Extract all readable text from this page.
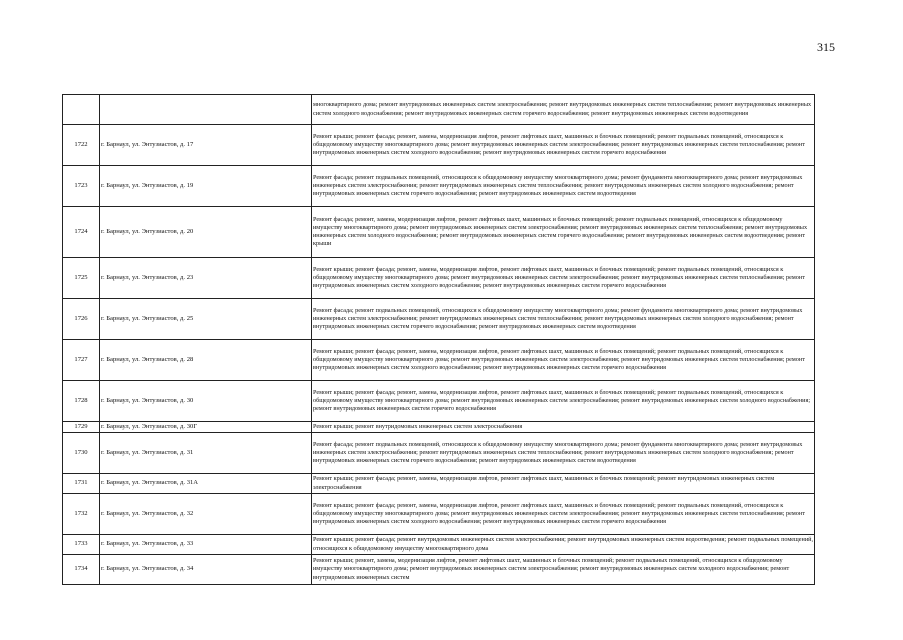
315
		многоквартирного дома; ремонт внутридомовых инженерных систем электроснабжения; ремонт внутридомовых инженерных систем теплоснабжения; ремонт внутридомовых инженерных систем холодного водоснабжения; ремонт внутридомовых инженерных систем горячего водоснабжения; ремонт внутридомовых инженерных систем водоотведения
1722	г. Барнаул, ул. Энтузиастов, д. 17	Ремонт крыши; ремонт фасада; ремонт, замена, модернизация лифтов, ремонт лифтовых шахт, машинных и блочных помещений; ремонт подвальных помещений, относящихся к общедомовому имуществу многоквартирного дома; ремонт внутридомовых инженерных систем электроснабжения; ремонт внутридомовых инженерных систем теплоснабжения; ремонт внутридомовых инженерных систем холодного водоснабжения; ремонт внутридомовых инженерных систем горячего водоснабжения
1723	г. Барнаул, ул. Энтузиастов, д. 19	Ремонт фасада; ремонт подвальных помещений, относящихся к общедомовому имуществу многоквартирного дома; ремонт фундамента многоквартирного дома; ремонт внутридомовых инженерных систем электроснабжения; ремонт внутридомовых инженерных систем теплоснабжения; ремонт внутридомовых инженерных систем холодного водоснабжения; ремонт внутридомовых инженерных систем горячего водоснабжения; ремонт внутридомовых инженерных систем водоотведения
1724	г. Барнаул, ул. Энтузиастов, д. 20	Ремонт фасада; ремонт, замена, модернизация лифтов, ремонт лифтовых шахт, машинных и блочных помещений; ремонт подвальных помещений, относящихся к общедомовому имуществу многоквартирного дома; ремонт внутридомовых инженерных систем электроснабжения; ремонт внутридомовых инженерных систем теплоснабжения; ремонт внутридомовых инженерных систем холодного водоснабжения; ремонт внутридомовых инженерных систем горячего водоснабжения; ремонт внутридомовых инженерных систем водоотведения; ремонт крыши
1725	г. Барнаул, ул. Энтузиастов, д. 23	Ремонт крыши; ремонт фасада; ремонт, замена, модернизация лифтов, ремонт лифтовых шахт, машинных и блочных помещений; ремонт подвальных помещений, относящихся к общедомовому имуществу многоквартирного дома; ремонт внутридомовых инженерных систем электроснабжения; ремонт внутридомовых инженерных систем теплоснабжения; ремонт внутридомовых инженерных систем холодного водоснабжения; ремонт внутридомовых инженерных систем горячего водоснабжения
1726	г. Барнаул, ул. Энтузиастов, д. 25	Ремонт фасада; ремонт подвальных помещений, относящихся к общедомовому имуществу многоквартирного дома; ремонт фундамента многоквартирного дома; ремонт внутридомовых инженерных систем электроснабжения; ремонт внутридомовых инженерных систем теплоснабжения; ремонт внутридомовых инженерных систем холодного водоснабжения; ремонт внутридомовых инженерных систем горячего водоснабжения; ремонт внутридомовых инженерных систем водоотведения
1727	г. Барнаул, ул. Энтузиастов, д. 28	Ремонт крыши; ремонт фасада; ремонт, замена, модернизация лифтов, ремонт лифтовых шахт, машинных и блочных помещений; ремонт подвальных помещений, относящихся к общедомовому имуществу многоквартирного дома; ремонт внутридомовых инженерных систем электроснабжения; ремонт внутридомовых инженерных систем теплоснабжения; ремонт внутридомовых инженерных систем холодного водоснабжения; ремонт внутридомовых инженерных систем горячего водоснабжения
1728	г. Барнаул, ул. Энтузиастов, д. 30	Ремонт крыши; ремонт фасада; ремонт, замена, модернизация лифтов, ремонт лифтовых шахт, машинных и блочных помещений; ремонт подвальных помещений, относящихся к общедомовому имуществу многоквартирного дома; ремонт внутридомовых инженерных систем электроснабжения; ремонт внутридомовых инженерных систем холодного водоснабжения; ремонт внутридомовых инженерных систем горячего водоснабжения
1729	г. Барнаул, ул. Энтузиастов, д. 30Г	Ремонт крыши; ремонт внутридомовых инженерных систем электроснабжения
1730	г. Барнаул, ул. Энтузиастов, д. 31	Ремонт фасада; ремонт подвальных помещений, относящихся к общедомовому имуществу многоквартирного дома; ремонт фундамента многоквартирного дома; ремонт внутридомовых инженерных систем электроснабжения; ремонт внутридомовых инженерных систем теплоснабжения; ремонт внутридомовых инженерных систем холодного водоснабжения; ремонт внутридомовых инженерных систем горячего водоснабжения; ремонт внутридомовых инженерных систем водоотведения
1731	г. Барнаул, ул. Энтузиастов, д. 31А	Ремонт крыши; ремонт фасада; ремонт, замена, модернизация лифтов, ремонт лифтовых шахт, машинных и блочных помещений; ремонт внутридомовых инженерных систем электроснабжения
1732	г. Барнаул, ул. Энтузиастов, д. 32	Ремонт крыши; ремонт фасада; ремонт, замена, модернизация лифтов, ремонт лифтовых шахт, машинных и блочных помещений; ремонт подвальных помещений, относящихся к общедомовому имуществу многоквартирного дома; ремонт внутридомовых инженерных систем электроснабжения; ремонт внутридомовых инженерных систем теплоснабжения; ремонт внутридомовых инженерных систем холодного водоснабжения; ремонт внутридомовых инженерных систем горячего водоснабжения
1733	г. Барнаул, ул. Энтузиастов, д. 33	Ремонт крыши; ремонт фасада; ремонт внутридомовых инженерных систем электроснабжения; ремонт внутридомовых инженерных систем водоотведения; ремонт подвальных помещений, относящихся к общедомовому имуществу многоквартирного дома
1734	г. Барнаул, ул. Энтузиастов, д. 34	Ремонт крыши; ремонт, замена, модернизация лифтов, ремонт лифтовых шахт, машинных и блочных помещений; ремонт подвальных помещений, относящихся к общедомовому имуществу многоквартирного дома; ремонт внутридомовых инженерных систем электроснабжения; ремонт внутридомовых инженерных систем холодного водоснабжения; ремонт внутридомовых инженерных систем
